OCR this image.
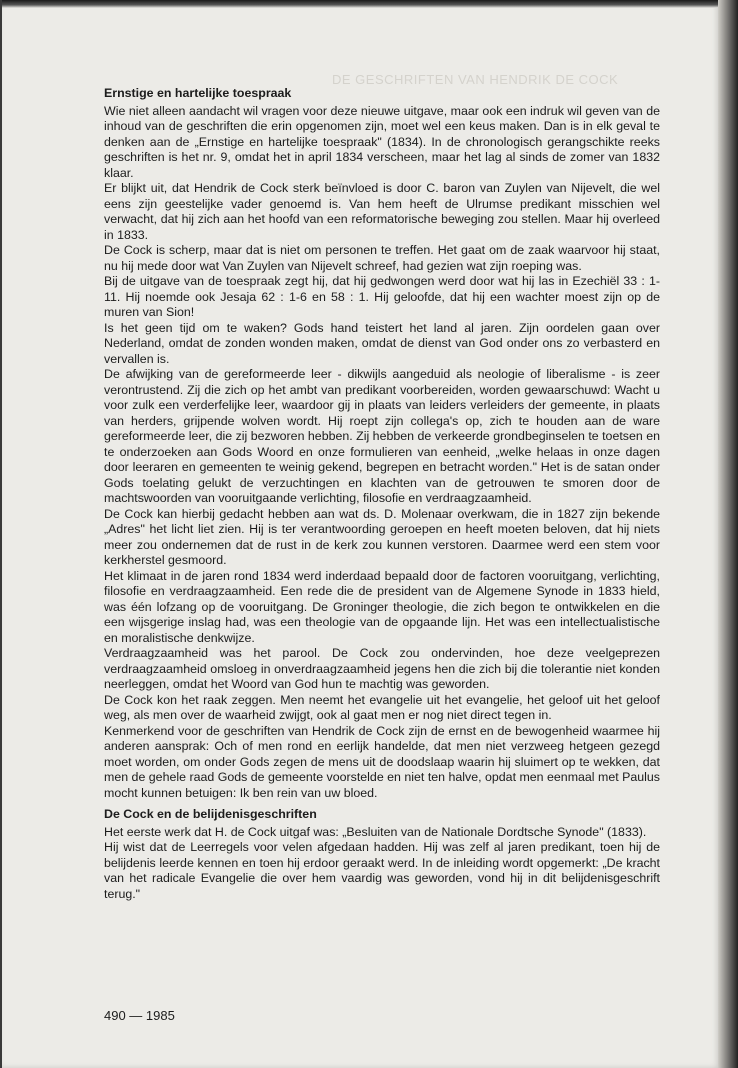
DE GESCHRIFTEN VAN HENDRIK DE COCK
Ernstige en hartelijke toespraak

Wie niet alleen aandacht wil vragen voor deze nieuwe uitgave, maar ook een indruk wil geven van de inhoud van de geschriften die erin opgenomen zijn, moet wel een keus maken. Dan is in elk geval te denken aan de „Ernstige en hartelijke toespraak" (1834). In de chronologisch gerangschikte reeks geschriften is het nr. 9, omdat het in april 1834 verscheen, maar het lag al sinds de zomer van 1832 klaar.

Er blijkt uit, dat Hendrik de Cock sterk beïnvloed is door C. baron van Zuylen van Nijevelt, die wel eens zijn geestelijke vader genoemd is. Van hem heeft de Ulrumse predikant misschien wel verwacht, dat hij zich aan het hoofd van een reformatorische beweging zou stellen. Maar hij overleed in 1833.

De Cock is scherp, maar dat is niet om personen te treffen. Het gaat om de zaak waarvoor hij staat, nu hij mede door wat Van Zuylen van Nijevelt schreef, had gezien wat zijn roeping was.

Bij de uitgave van de toespraak zegt hij, dat hij gedwongen werd door wat hij las in Ezechiël 33 : 1-11. Hij noemde ook Jesaja 62 : 1-6 en 58 : 1. Hij geloofde, dat hij een wachter moest zijn op de muren van Sion!

Is het geen tijd om te waken? Gods hand teistert het land al jaren. Zijn oordelen gaan over Nederland, omdat de zonden wonden maken, omdat de dienst van God onder ons zo verbasterd en vervallen is.

De afwijking van de gereformeerde leer - dikwijls aangeduid als neologie of liberalisme - is zeer verontrustend. Zij die zich op het ambt van predikant voorbereiden, worden gewaarschuwd: Wacht u voor zulk een verderfelijke leer, waardoor gij in plaats van leiders verleiders der gemeente, in plaats van herders, grijpende wolven wordt. Hij roept zijn collega's op, zich te houden aan de ware gereformeerde leer, die zij bezworen hebben. Zij hebben de verkeerde grondbeginselen te toetsen en te onderzoeken aan Gods Woord en onze formulieren van eenheid, „welke helaas in onze dagen door leeraren en gemeenten te weinig gekend, begrepen en betracht worden." Het is de satan onder Gods toelating gelukt de verzuchtingen en klachten van de getrouwen te smoren door de machtswoorden van vooruitgaande verlichting, filosofie en verdraagzaamheid.

De Cock kan hierbij gedacht hebben aan wat ds. D. Molenaar overkwam, die in 1827 zijn bekende „Adres" het licht liet zien. Hij is ter verantwoording geroepen en heeft moeten beloven, dat hij niets meer zou ondernemen dat de rust in de kerk zou kunnen verstoren. Daarmee werd een stem voor kerkherstel gesmoord.

Het klimaat in de jaren rond 1834 werd inderdaad bepaald door de factoren vooruitgang, verlichting, filosofie en verdraagzaamheid. Een rede die de president van de Algemene Synode in 1833 hield, was één lofzang op de vooruitgang. De Groninger theologie, die zich begon te ontwikkelen en die een wijsgerige inslag had, was een theologie van de opgaande lijn. Het was een intellectualistische en moralistische denkwijze.

Verdraagzaamheid was het parool. De Cock zou ondervinden, hoe deze veelgeprezen verdraagzaamheid omsloeg in onverdraagzaamheid jegens hen die zich bij die tolerantie niet konden neerleggen, omdat het Woord van God hun te machtig was geworden.

De Cock kon het raak zeggen. Men neemt het evangelie uit het evangelie, het geloof uit het geloof weg, als men over de waarheid zwijgt, ook al gaat men er nog niet direct tegen in.

Kenmerkend voor de geschriften van Hendrik de Cock zijn de ernst en de bewogenheid waarmee hij anderen aansprak: Och of men rond en eerlijk handelde, dat men niet verzweeg hetgeen gezegd moet worden, om onder Gods zegen de mens uit de doodslaap waarin hij sluimert op te wekken, dat men de gehele raad Gods de gemeente voorstelde en niet ten halve, opdat men eenmaal met Paulus mocht kunnen betuigen: Ik ben rein van uw bloed.

De Cock en de belijdenisgeschriften

Het eerste werk dat H. de Cock uitgaf was: „Besluiten van de Nationale Dordtsche Synode" (1833).

Hij wist dat de Leerregels voor velen afgedaan hadden. Hij was zelf al jaren predikant, toen hij de belijdenis leerde kennen en toen hij erdoor geraakt werd. In de inleiding wordt opgemerkt: „De kracht van het radicale Evangelie die over hem vaardig was geworden, vond hij in dit belijdenisgeschrift terug."

490 — 1985
